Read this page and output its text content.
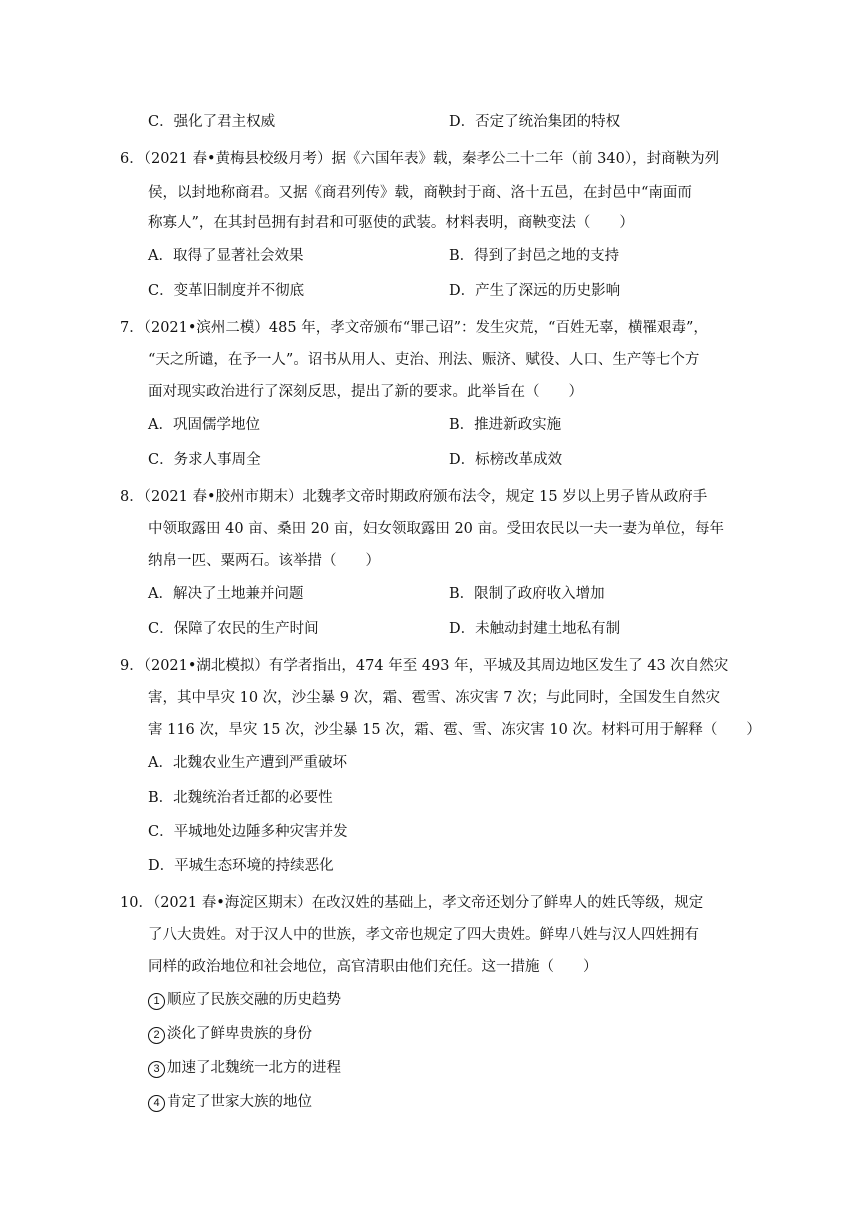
C．强化了君主权威	D．否定了统治集团的特权
6．（2021 春•黄梅县校级月考）据《六国年表》载，秦孝公二十二年（前 340），封商鞅为列
侯，以封地称商君。又据《商君列传》载，商鞅封于商、洛十五邑，在封邑中“南面而
称寡人”，在其封邑拥有封君和可驱使的武装。材料表明，商鞅变法（　　）
A．取得了显著社会效果	B．得到了封邑之地的支持
C．变革旧制度并不彻底	D．产生了深远的历史影响
7．（2021•滨州二模）485 年，孝文帝颁布“罪己诏”：发生灾荒，“百姓无辜，横罹艰毒”，
“天之所谴，在予一人”。诏书从用人、吏治、刑法、赈济、赋役、人口、生产等七个方
面对现实政治进行了深刻反思，提出了新的要求。此举旨在（　　）
A．巩固儒学地位	B．推进新政实施
C．务求人事周全	D．标榜改革成效
8．（2021 春•胶州市期末）北魏孝文帝时期政府颁布法令，规定 15 岁以上男子皆从政府手
中领取露田 40 亩、桑田 20 亩，妇女领取露田 20 亩。受田农民以一夫一妻为单位，每年
纳帛一匹、粟两石。该举措（　　）
A．解决了土地兼并问题	B．限制了政府收入增加
C．保障了农民的生产时间	D．未触动封建土地私有制
9．（2021•湖北模拟）有学者指出，474 年至 493 年，平城及其周边地区发生了 43 次自然灾
害，其中旱灾 10 次，沙尘暴 9 次，霜、雹雪、冻灾害 7 次；与此同时，全国发生自然灾
害 116 次，旱灾 15 次，沙尘暴 15 次，霜、雹、雪、冻灾害 10 次。材料可用于解释（　　）
A．北魏农业生产遭到严重破坏
B．北魏统治者迁都的必要性
C．平城地处边陲多种灾害并发
D．平城生态环境的持续恶化
10．（2021 春•海淀区期末）在改汉姓的基础上，孝文帝还划分了鲜卑人的姓氏等级，规定
了八大贵姓。对于汉人中的世族，孝文帝也规定了四大贵姓。鲜卑八姓与汉人四姓拥有
同样的政治地位和社会地位，高官清职由他们充任。这一措施（　　）
1 顺应了民族交融的历史趋势
2 淡化了鲜卑贵族的身份
3 加速了北魏统一北方的进程
4 肯定了世家大族的地位
